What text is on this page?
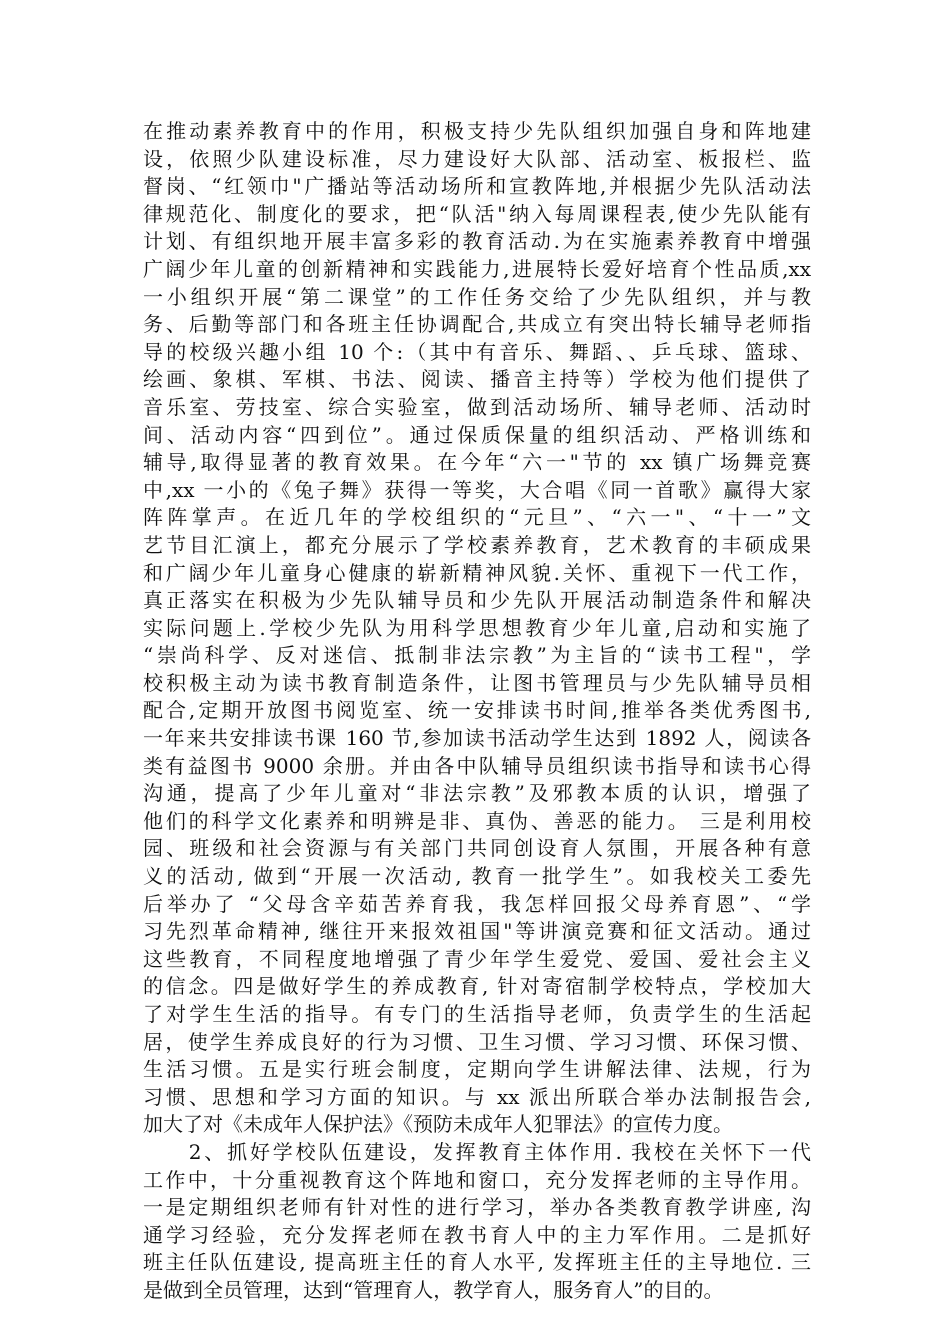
在推动素养教育中的作用，积极支持少先队组织加强自身和阵地建
设，依照少队建设标准，尽力建设好大队部、活动室、板报栏、监
督岗、“红领巾"广播站等活动场所和宣教阵地,并根据少先队活动法
律规范化、制度化的要求，把“队活"纳入每周课程表,使少先队能有
计划、有组织地开展丰富多彩的教育活动.为在实施素养教育中增强
广阔少年儿童的创新精神和实践能力,进展特长爱好培育个性品质,xx
一小组织开展“第二课堂”的工作任务交给了少先队组织，并与教
务、后勤等部门和各班主任协调配合,共成立有突出特长辅导老师指
导的校级兴趣小组 10 个:（其中有音乐、舞蹈、、乒乓球、篮球、
绘画、象棋、军棋、书法、阅读、播音主持等）学校为他们提供了
音乐室、劳技室、综合实验室，做到活动场所、辅导老师、活动时
间、活动内容“四到位”。通过保质保量的组织活动、严格训练和
辅导,取得显著的教育效果。在今年“六一"节的 xx 镇广场舞竞赛
中,xx 一小的《兔子舞》获得一等奖，大合唱《同一首歌》赢得大家
阵阵掌声。在近几年的学校组织的“元旦”、“六一"、“十一”文
艺节目汇演上，都充分展示了学校素养教育，艺术教育的丰硕成果
和广阔少年儿童身心健康的崭新精神风貌.关怀、重视下一代工作，
真正落实在积极为少先队辅导员和少先队开展活动制造条件和解决
实际问题上.学校少先队为用科学思想教育少年儿童,启动和实施了
“崇尚科学、反对迷信、抵制非法宗教”为主旨的“读书工程"，学
校积极主动为读书教育制造条件，让图书管理员与少先队辅导员相
配合,定期开放图书阅览室、统一安排读书时间,推举各类优秀图书,
一年来共安排读书课 160 节,参加读书活动学生达到 1892 人，阅读各
类有益图书 9000 余册。并由各中队辅导员组织读书指导和读书心得
沟通，提高了少年儿童对“非法宗教”及邪教本质的认识，增强了
他们的科学文化素养和明辨是非、真伪、善恶的能力。 三是利用校
园、班级和社会资源与有关部门共同创设育人氛围，开展各种有意
义的活动, 做到“开展一次活动, 教育一批学生”。如我校关工委先
后举办了 “父母含辛茹苦养育我，我怎样回报父母养育恩”、“学
习先烈革命精神, 继往开来报效祖国"等讲演竞赛和征文活动。通过
这些教育，不同程度地增强了青少年学生爱党、爱国、爱社会主义
的信念。四是做好学生的养成教育, 针对寄宿制学校特点，学校加大
了对学生生活的指导。有专门的生活指导老师，负责学生的生活起
居，使学生养成良好的行为习惯、卫生习惯、学习习惯、环保习惯、
生活习惯。五是实行班会制度，定期向学生讲解法律、法规，行为
习惯、思想和学习方面的知识。与 xx 派出所联合举办法制报告会,
加大了对《未成年人保护法》《预防未成年人犯罪法》的宣传力度。
　　2、抓好学校队伍建设，发挥教育主体作用. 我校在关怀下一代
工作中，十分重视教育这个阵地和窗口，充分发挥老师的主导作用。
一是定期组织老师有针对性的进行学习，举办各类教育教学讲座, 沟
通学习经验，充分发挥老师在教书育人中的主力军作用。二是抓好
班主任队伍建设, 提高班主任的育人水平, 发挥班主任的主导地位. 三
是做到全员管理，达到“管理育人，教学育人，服务育人”的目的。
